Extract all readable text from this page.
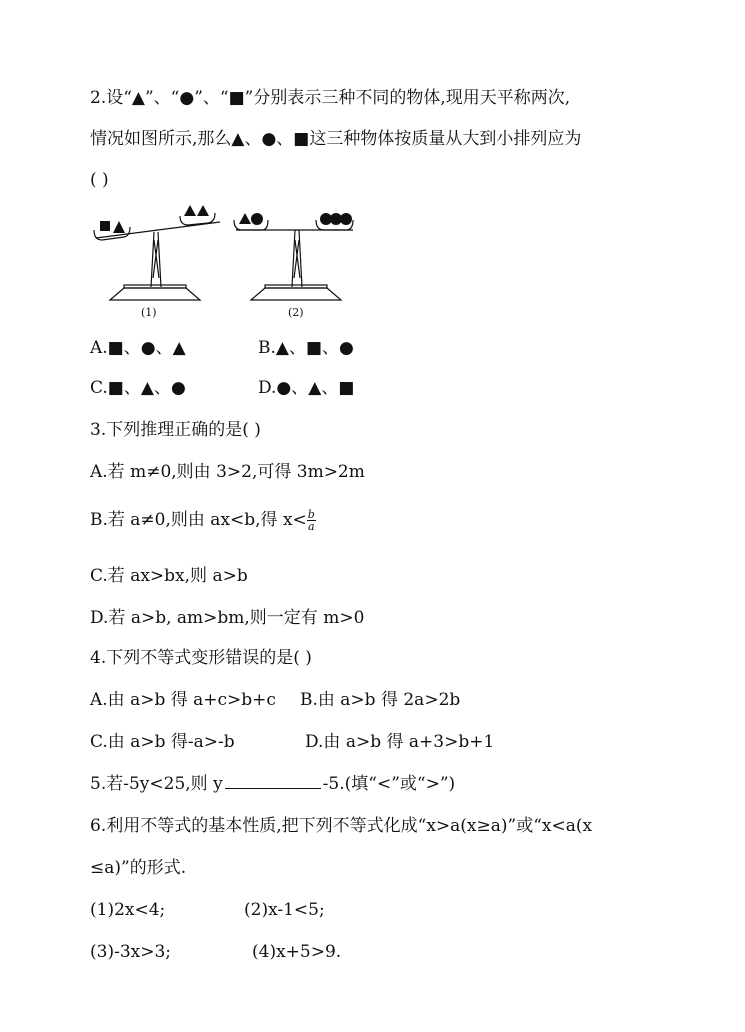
2.设“▲”、“●”、“■”分别表示三种不同的物体,现用天平称两次,
情况如图所示,那么▲、●、■这三种物体按质量从大到小排列应为
( )
(1)	(2)
A.■、●、▲	B.▲、■、●
C.■、▲、●	D.●、▲、■
3.下列推理正确的是( )
A.若 m≠0,则由 3>2,可得 3m>2m
B.若 a≠0,则由 ax<b,得 $x< \frac{b}{a}$
C.若 ax>bx,则 a>b
D.若 a>b, am>bm,则一定有 m>0
4.下列不等式变形错误的是( )
A.由 a>b 得 a+c>b+c B.由 a>b 得 2a>2b
C.由 a>b 得-a>-b	D.由 a>b 得 a+3>b+1
5.若-5y<25,则 y	-5.(填“<”或“>”)
6.利用不等式的基本性质,把下列不等式化成“x>a(x≥a)”或“x<a(x
≤a)”的形式.
(1)2x<4;	(2)x-1<5;
(3)-3x>3;	(4)x+5>9.
